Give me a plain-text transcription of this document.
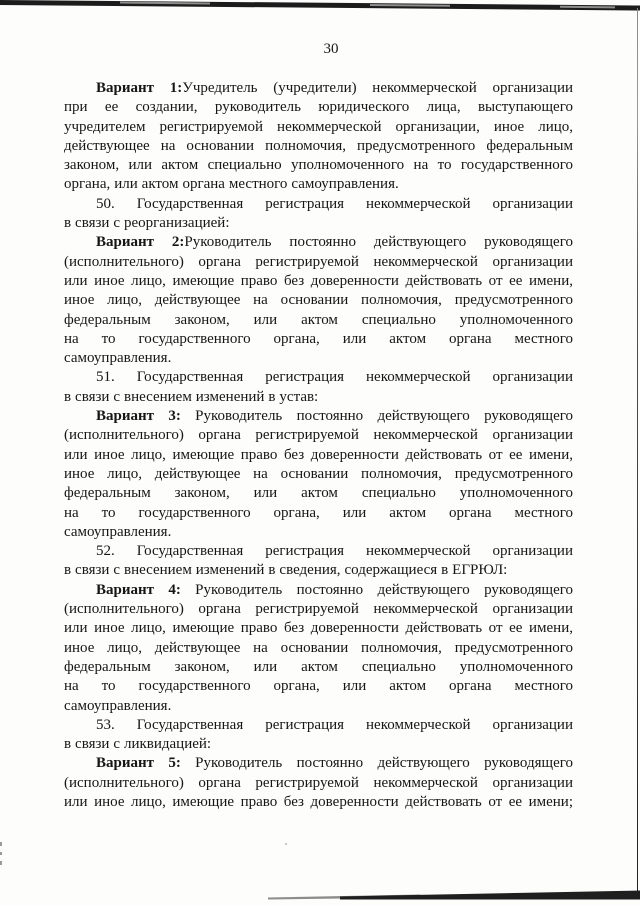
30
Вариант 1:Учредитель (учредители) некоммерческой организации
при ее создании, руководитель юридического лица, выступающего
учредителем регистрируемой некоммерческой организации, иное лицо,
действующее на основании полномочия, предусмотренного федеральным
законом, или актом специально уполномоченного на то государственного
органа, или актом органа местного самоуправления.
50. Государственная регистрация некоммерческой организации
в связи с реорганизацией:
Вариант 2:Руководитель постоянно действующего руководящего
(исполнительного) органа регистрируемой некоммерческой организации
или иное лицо, имеющие право без доверенности действовать от ее имени,
иное лицо, действующее на основании полномочия, предусмотренного
федеральным законом, или актом специально уполномоченного
на то государственного органа, или актом органа местного
самоуправления.
51. Государственная регистрация некоммерческой организации
в связи с внесением изменений в устав:
Вариант 3: Руководитель постоянно действующего руководящего
(исполнительного) органа регистрируемой некоммерческой организации
или иное лицо, имеющие право без доверенности действовать от ее имени,
иное лицо, действующее на основании полномочия, предусмотренного
федеральным законом, или актом специально уполномоченного
на то государственного органа, или актом органа местного
самоуправления.
52. Государственная регистрация некоммерческой организации
в связи с внесением изменений в сведения, содержащиеся в ЕГРЮЛ:
Вариант 4: Руководитель постоянно действующего руководящего
(исполнительного) органа регистрируемой некоммерческой организации
или иное лицо, имеющие право без доверенности действовать от ее имени,
иное лицо, действующее на основании полномочия, предусмотренного
федеральным законом, или актом специально уполномоченного
на то государственного органа, или актом органа местного
самоуправления.
53. Государственная регистрация некоммерческой организации
в связи с ликвидацией:
Вариант 5: Руководитель постоянно действующего руководящего
(исполнительного) органа регистрируемой некоммерческой организации
или иное лицо, имеющие право без доверенности действовать от ее имени;
